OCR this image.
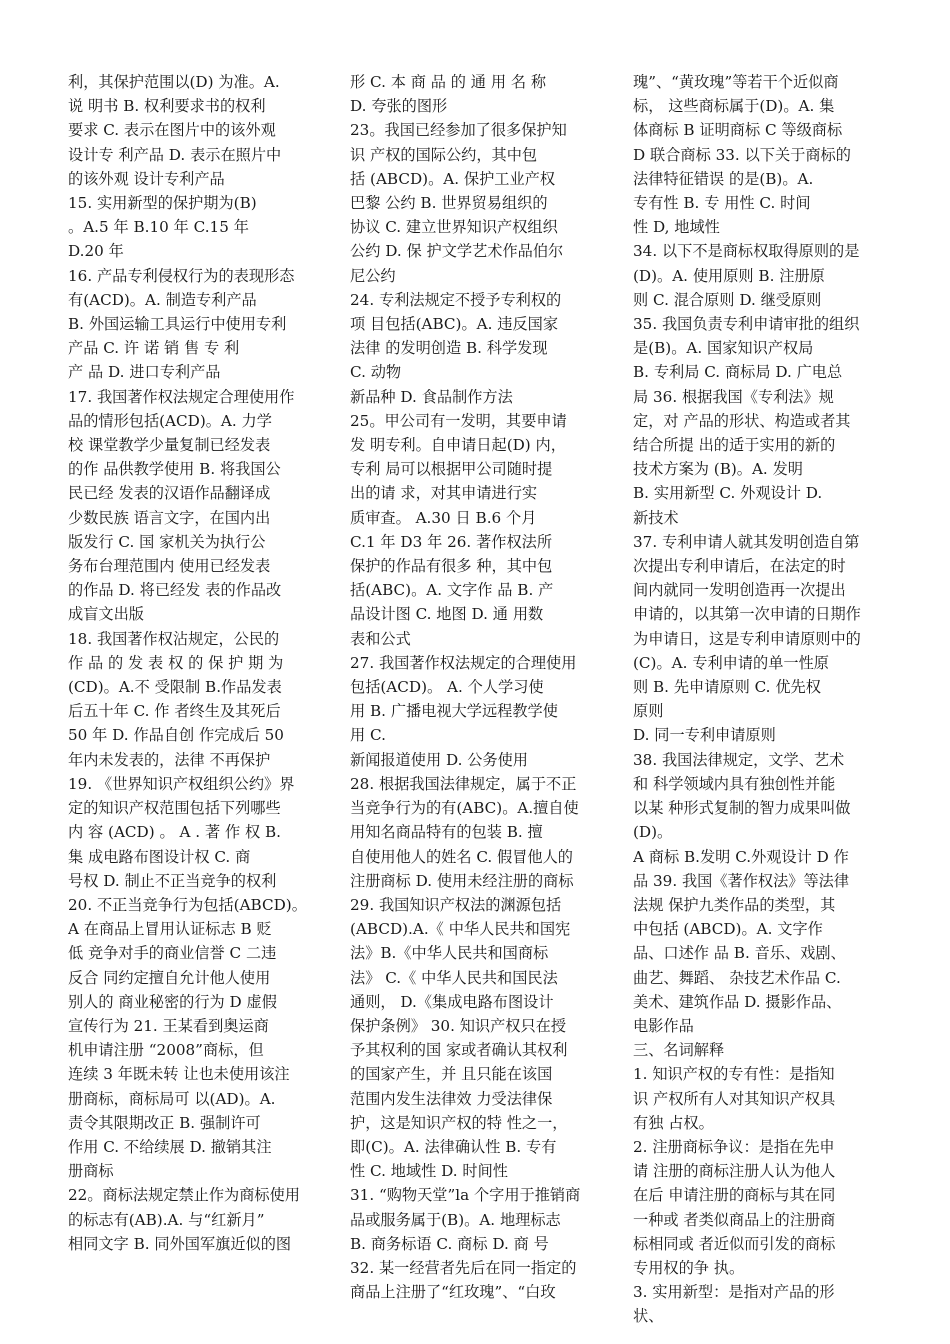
利，其保护范围以(D) 为准。A.
说 明书 B. 权利要求书的权利
要求 C. 表示在图片中的该外观
设计专 利产品 D. 表示在照片中
的该外观 设计专利产品
15. 实用新型的保护期为(B)
。A.5 年 B.10 年 C.15 年
D.20 年
16. 产品专利侵权行为的表现形态
有(ACD)。A. 制造专利产品
B. 外国运输工具运行中使用专利
产品 C. 许 诺 销 售 专 利
产 品 D. 进口专利产品
17. 我国著作权法规定合理使用作
品的情形包括(ACD)。A. 力学
校 课堂教学少量复制已经发表
的作 品供教学使用 B. 将我国公
民已经 发表的汉语作品翻译成
少数民族 语言文字，在国内出
版发行 C. 国 家机关为执行公
务布台理范围内 使用已经发表
的作品 D. 将已经发 表的作品改
成盲文出版
18. 我国著作权沾规定，公民的
作 品 的 发 表 权 的 保 护 期 为
(CD)。A.不 受限制 B.作品发表
后五十年 C. 作 者终生及其死后
50 年 D. 作品自创 作完成后 50
年内未发表的，法律 不再保护
19. 《世界知识产权组织公约》界
定的知识产权范围包括下列哪些
内 容 (ACD) 。 A . 著 作 权 B.
集 成电路布图设计权 C. 商
号权 D. 制止不正当竞争的权利
20. 不正当竞争行为包括(ABCD)。
A 在商品上冒用认证标志 B 贬
低 竞争对手的商业信誉 C 二违
反合 同约定擅自允计他人使用
别人的 商业秘密的行为 D 虚假
宣传行为 21. 王某看到奥运商
机申请注册 “2008”商标，但
连续 3 年既未转 让也未使用该注
册商标，商标局可 以(AD)。A.
责令其限期改正 B. 强制许可
作用 C. 不给续展 D. 撤销其注
册商标
22。商标法规定禁止作为商标使用
的标志有(AB).A. 与“红新月”
相同文字 B. 同外国军旗近似的图
形 C. 本 商 品 的 通 用 名 称
D. 夸张的图形
23。我国已经参加了很多保护知
识 产权的国际公约，其中包
括 (ABCD)。A. 保护工业产权
巴黎 公约 B. 世界贸易组织的
协议 C. 建立世界知识产权组织
公约 D. 保 护文学艺术作品伯尔
尼公约
24. 专利法规定不授予专利权的
项 目包括(ABC)。A. 违反国家
法律 的发明创造 B. 科学发现
C. 动物
新品种 D. 食品制作方法
25。甲公司有一发明，其要申请
发 明专利。自申请日起(D) 内，
专利 局可以根据甲公司随时提
出的请 求，对其申请进行实
质审查。 A.30 日 B.6 个月
C.1 年 D3 年 26. 著作权法所
保护的作品有很多 种，其中包
括(ABC)。A. 文字作 品 B. 产
品设计图 C. 地图 D. 通 用数
表和公式
27. 我国著作权法规定的合理使用
包括(ACD)。 A. 个人学习使
用 B. 广播电视大学远程教学使
用 C.
新闻报道使用 D. 公务使用
28. 根据我国法律规定，属于不正
当竞争行为的有(ABC)。A.擅自使
用知名商品特有的包装 B. 擅
自使用他人的姓名 C. 假冒他人的
注册商标 D. 使用未经注册的商标
29. 我国知识产权法的渊源包括
(ABCD).A.《 中华人民共和国宪
法》B.《中华人民共和国商标
法》 C.《 中华人民共和国民法
通则， D.《集成电路布图设计
保护条例》 30. 知识产权只在授
予其权利的国 家或者确认其权利
的国家产生，并 且只能在该国
范围内发生法律效 力受法律保
护，这是知识产权的特 性之一，
即(C)。A. 法律确认性 B. 专有
性 C. 地域性 D. 时间性
31. “购物天堂”la 个字用于推销商
品或服务属于(B)。A. 地理标志
B. 商务标语 C. 商标 D. 商 号
32. 某一经营者先后在同一指定的
商品上注册了“红玫瑰”、“白玫
瑰”、“黄玫瑰”等若干个近似商
标， 这些商标属于(D)。A. 集
体商标 B 证明商标 C 等级商标
D 联合商标 33. 以下关于商标的
法律特征错误 的是(B)。A.
专有性 B. 专 用性 C. 时间
性 D, 地域性
34. 以下不是商标权取得原则的是
(D)。A. 使用原则 B. 注册原
则 C. 混合原则 D. 继受原则
35. 我国负责专利申请审批的组织
是(B)。A. 国家知识产权局
B. 专利局 C. 商标局 D. 广电总
局 36. 根据我国《专利法》规
定，对 产品的形状、构造或者其
结合所提 出的适于实用的新的
技术方案为 (B)。A. 发明
B. 实用新型 C. 外观设计 D.
新技术
37. 专利申请人就其发明创造自第
次提出专利申请后，在法定的时
间内就同一发明创造再一次提出
申请的，以其第一次申请的日期作
为申请日，这是专利申请原则中的
(C)。A. 专利申请的单一性原
则 B. 先申请原则 C. 优先权
原则
D. 同一专利申请原则
38. 我国法律规定，文学、艺术
和 科学领域内具有独创性并能
以某 种形式复制的智力成果叫做
(D)。
A 商标 B.发明 C.外观设计 D 作
品 39. 我国《著作权法》等法律
法规 保护九类作品的类型，其
中包括 (ABCD)。A. 文字作
品、口述作 品 B. 音乐、戏剧、
曲艺、舞蹈、 杂技艺术作品 C.
美术、建筑作品 D. 摄影作品、
电影作品
三、名词解释
1. 知识产权的专有性：是指知
识 产权所有人对其知识产权具
有独 占权。
2. 注册商标争议：是指在先申
请 注册的商标注册人认为他人
在后 申请注册的商标与其在同
一种或 者类似商品上的注册商
标相同或 者近似而引发的商标
专用权的争 执。
3. 实用新型：是指对产品的形
状、
